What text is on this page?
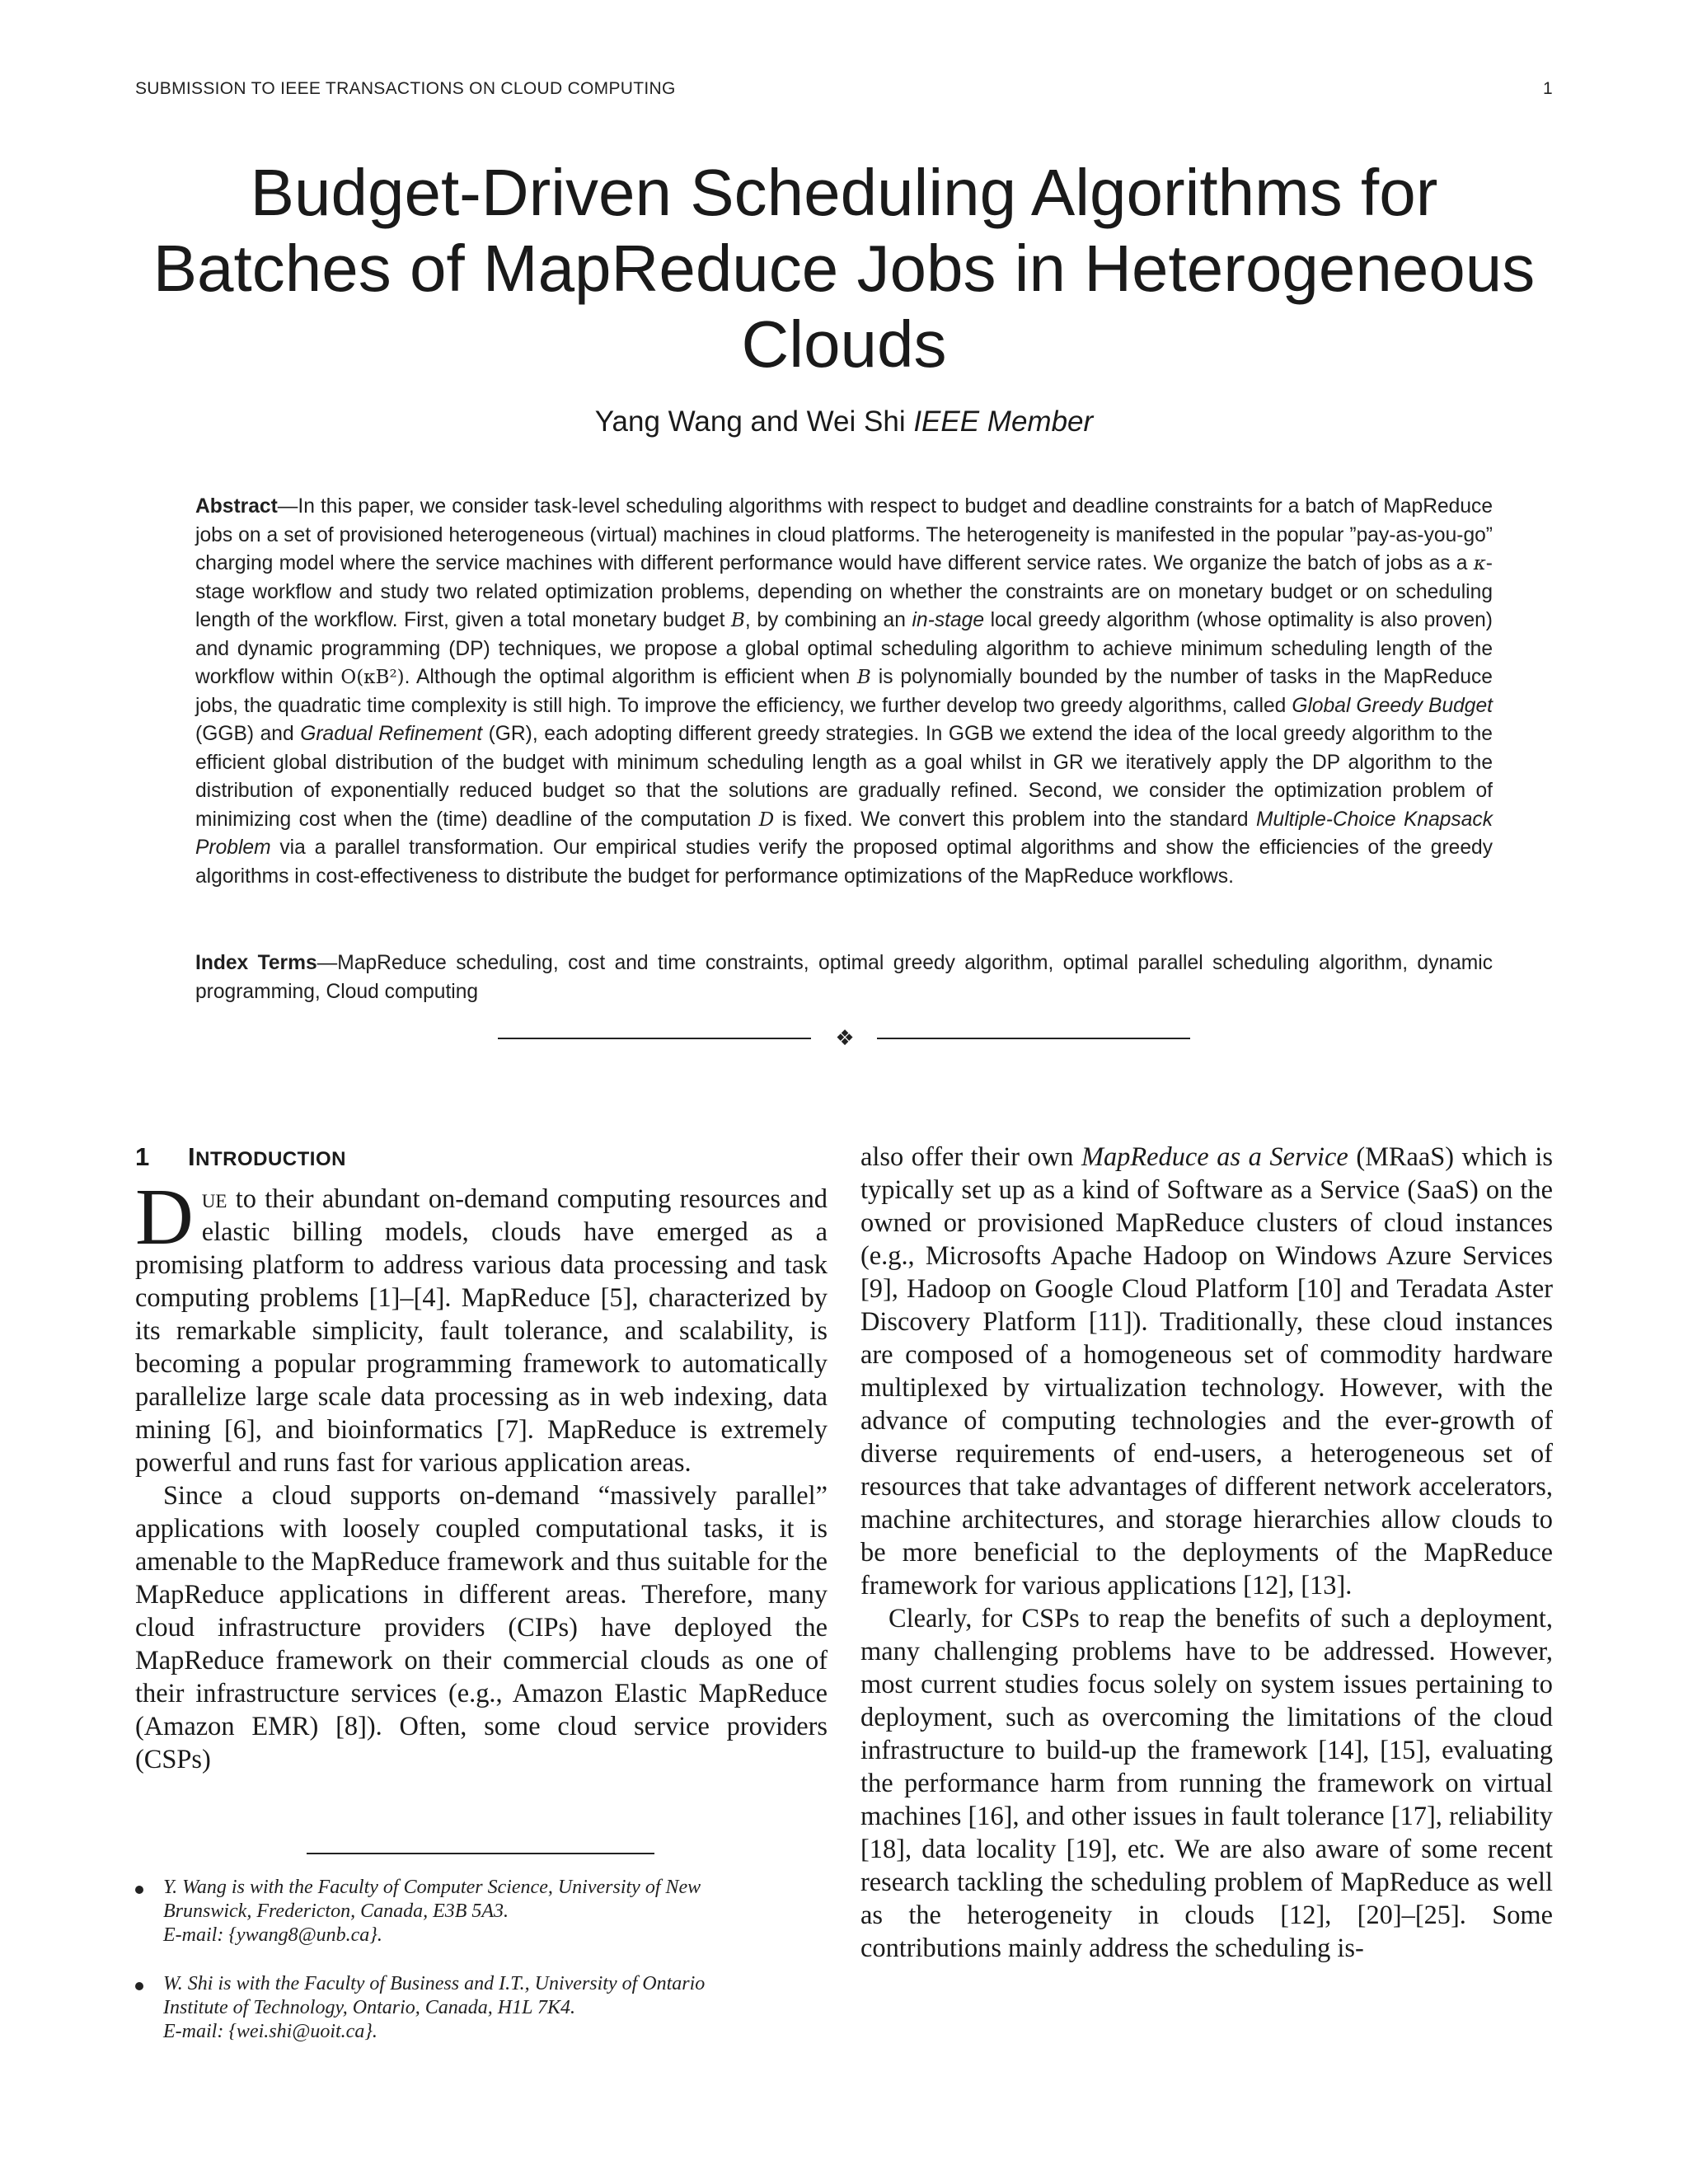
SUBMISSION TO IEEE TRANSACTIONS ON CLOUD COMPUTING	1
Budget-Driven Scheduling Algorithms for
Batches of MapReduce Jobs in Heterogeneous
Clouds
Yang Wang and Wei Shi IEEE Member

Abstract—In this paper, we consider task-level scheduling algorithms with respect to budget and deadline constraints for a batch of MapReduce jobs on a set of provisioned heterogeneous (virtual) machines in cloud platforms. The heterogeneity is manifested in the popular ”pay-as-you-go” charging model where the service machines with different performance would have different service rates. We organize the batch of jobs as a κ-stage workflow and study two related optimization problems, depending on whether the constraints are on monetary budget or on scheduling length of the workflow. First, given a total monetary budget B, by combining an in-stage local greedy algorithm (whose optimality is also proven) and dynamic programming (DP) techniques, we propose a global optimal scheduling algorithm to achieve minimum scheduling length of the workflow within O(κB²). Although the optimal algorithm is efficient when B is polynomially bounded by the number of tasks in the MapReduce jobs, the quadratic time complexity is still high. To improve the efficiency, we further develop two greedy algorithms, called Global Greedy Budget (GGB) and Gradual Refinement (GR), each adopting different greedy strategies. In GGB we extend the idea of the local greedy algorithm to the efficient global distribution of the budget with minimum scheduling length as a goal whilst in GR we iteratively apply the DP algorithm to the distribution of exponentially reduced budget so that the solutions are gradually refined. Second, we consider the optimization problem of minimizing cost when the (time) deadline of the computation D is fixed. We convert this problem into the standard Multiple-Choice Knapsack Problem via a parallel transformation. Our empirical studies verify the proposed optimal algorithms and show the efficiencies of the greedy algorithms in cost-effectiveness to distribute the budget for performance optimizations of the MapReduce workflows.

Index Terms—MapReduce scheduling, cost and time constraints, optimal greedy algorithm, optimal parallel scheduling algorithm, dynamic programming, Cloud computing

❖
1 INTRODUCTION

Due to their abundant on-demand computing resources and elastic billing models, clouds have emerged as a promising platform to address various data processing and task computing problems [1]–[4]. MapReduce [5], characterized by its remarkable simplicity, fault tolerance, and scalability, is becoming a popular programming framework to automatically parallelize large scale data processing as in web indexing, data mining [6], and bioinformatics [7]. MapReduce is extremely powerful and runs fast for various application areas.

Since a cloud supports on-demand “massively parallel” applications with loosely coupled computational tasks, it is amenable to the MapReduce framework and thus suitable for the MapReduce applications in different areas. Therefore, many cloud infrastructure providers (CIPs) have deployed the MapReduce framework on their commercial clouds as one of their infrastructure services (e.g., Amazon Elastic MapReduce (Amazon EMR) [8]). Often, some cloud service providers (CSPs)

also offer their own MapReduce as a Service (MRaaS) which is typically set up as a kind of Software as a Service (SaaS) on the owned or provisioned MapReduce clusters of cloud instances (e.g., Microsofts Apache Hadoop on Windows Azure Services [9], Hadoop on Google Cloud Platform [10] and Teradata Aster Discovery Platform [11]). Traditionally, these cloud instances are composed of a homogeneous set of commodity hardware multiplexed by virtualization technology. However, with the advance of computing technologies and the ever-growth of diverse requirements of end-users, a heterogeneous set of resources that take advantages of different network accelerators, machine architectures, and storage hierarchies allow clouds to be more beneficial to the deployments of the MapReduce framework for various applications [12], [13].

Clearly, for CSPs to reap the benefits of such a deployment, many challenging problems have to be addressed. However, most current studies focus solely on system issues pertaining to deployment, such as overcoming the limitations of the cloud infrastructure to build-up the framework [14], [15], evaluating the performance harm from running the framework on virtual machines [16], and other issues in fault tolerance [17], reliability [18], data locality [19], etc. We are also aware of some recent research tackling the scheduling problem of MapReduce as well as the heterogeneity in clouds [12], [20]–[25]. Some contributions mainly address the scheduling is-

Y. Wang is with the Faculty of Computer Science, University of New
Brunswick, Fredericton, Canada, E3B 5A3.
E-mail: {ywang8@unb.ca}.
W. Shi is with the Faculty of Business and I.T., University of Ontario
Institute of Technology, Ontario, Canada, H1L 7K4.
E-mail: {wei.shi@uoit.ca}.
